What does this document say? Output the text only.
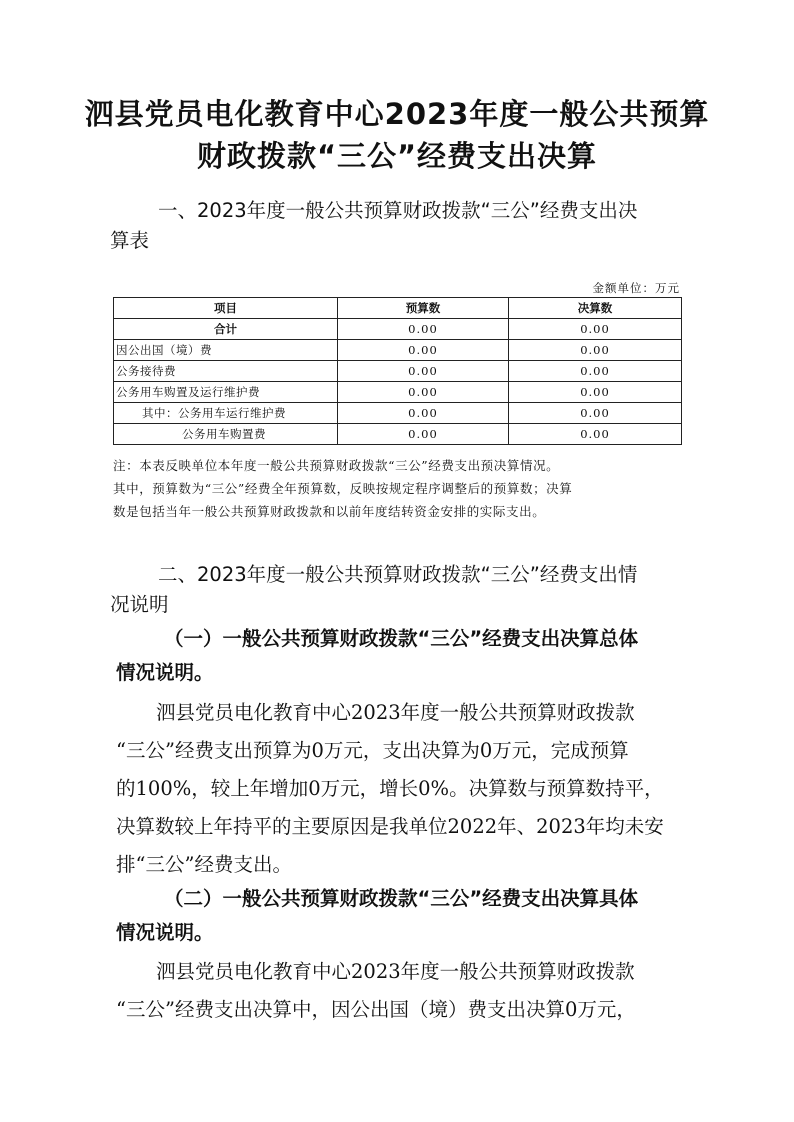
泗县党员电化教育中心2023年度一般公共预算
财政拨款“三公”经费支出决算
一、2023年度一般公共预算财政拨款“三公”经费支出决
算表
金额单位：万元
项目	预算数	决算数
合计	0.00	0.00
因公出国（境）费	0.00	0.00
公务接待费	0.00	0.00
公务用车购置及运行维护费	0.00	0.00
其中：公务用车运行维护费	0.00	0.00
公务用车购置费	0.00	0.00
注：本表反映单位本年度一般公共预算财政拨款“三公”经费支出预决算情况。
其中，预算数为“三公”经费全年预算数，反映按规定程序调整后的预算数；决算
数是包括当年一般公共预算财政拨款和以前年度结转资金安排的实际支出。
二、2023年度一般公共预算财政拨款“三公”经费支出情
况说明
（一）一般公共预算财政拨款“三公”经费支出决算总体
情况说明。
泗县党员电化教育中心2023年度一般公共预算财政拨款
“三公”经费支出预算为0万元，支出决算为0万元，完成预算
的100%，较上年增加0万元，增长0%。决算数与预算数持平，
决算数较上年持平的主要原因是我单位2022年、2023年均未安
排“三公”经费支出。
（二）一般公共预算财政拨款“三公”经费支出决算具体
情况说明。
泗县党员电化教育中心2023年度一般公共预算财政拨款
“三公”经费支出决算中，因公出国（境）费支出决算0万元，
